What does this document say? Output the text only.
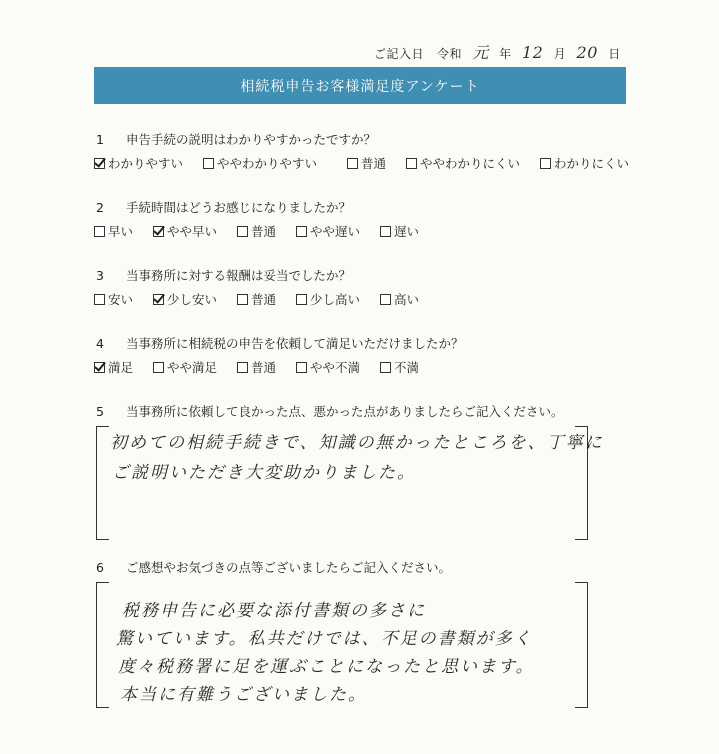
ご記入日 令和 元 年 12 月 20 日
相続税申告お客様満足度アンケート
1 申告手続の説明はわかりやすかったですか？
わかりやすい
	ややわかりやすい
	普通
	ややわかりにくい
	わかりにくい
2 手続時間はどうお感じになりましたか？
早い
	やや早い
	普通
	やや遅い
	遅い
3 当事務所に対する報酬は妥当でしたか？
安い
	少し安い
	普通
	少し高い
	高い
4 当事務所に相続税の申告を依頼して満足いただけましたか？
満足
	やや満足
	普通
	やや不満
	不満
5 当事務所に依頼して良かった点、悪かった点がありましたらご記入ください。
初めての相続手続きで、知識の無かったところを、丁寧に
ご説明いただき大変助かりました。
6 ご感想やお気づきの点等ございましたらご記入ください。
税務申告に必要な添付書類の多さに
驚いています。私共だけでは、不足の書類が多く
度々税務署に足を運ぶことになったと思います。
本当に有難うございました。
